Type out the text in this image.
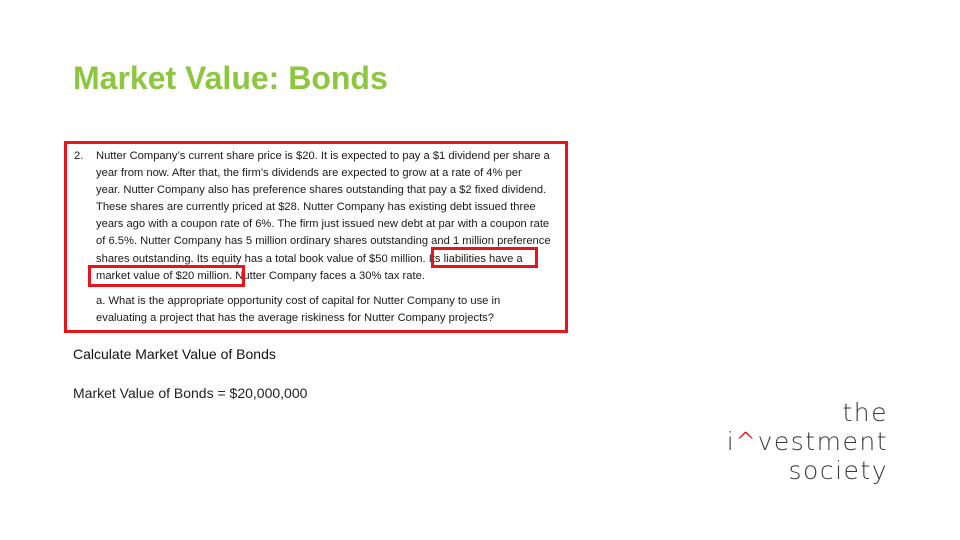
Market Value: Bonds
2. Nutter Company’s current share price is $20. It is expected to pay a $1 dividend per share a
year from now. After that, the firm’s dividends are expected to grow at a rate of 4% per
year. Nutter Company also has preference shares outstanding that pay a $2 fixed dividend.
These shares are currently priced at $28. Nutter Company has existing debt issued three
years ago with a coupon rate of 6%. The firm just issued new debt at par with a coupon rate
of 6.5%. Nutter Company has 5 million ordinary shares outstanding and 1 million preference
shares outstanding. Its equity has a total book value of $50 million. Its liabilities have a
market value of $20 million. Nutter Company faces a 30% tax rate.
a. What is the appropriate opportunity cost of capital for Nutter Company to use in
evaluating a project that has the average riskiness for Nutter Company projects?
Calculate Market Value of Bonds
Market Value of Bonds = $20,000,000
the
i^vestment
society
